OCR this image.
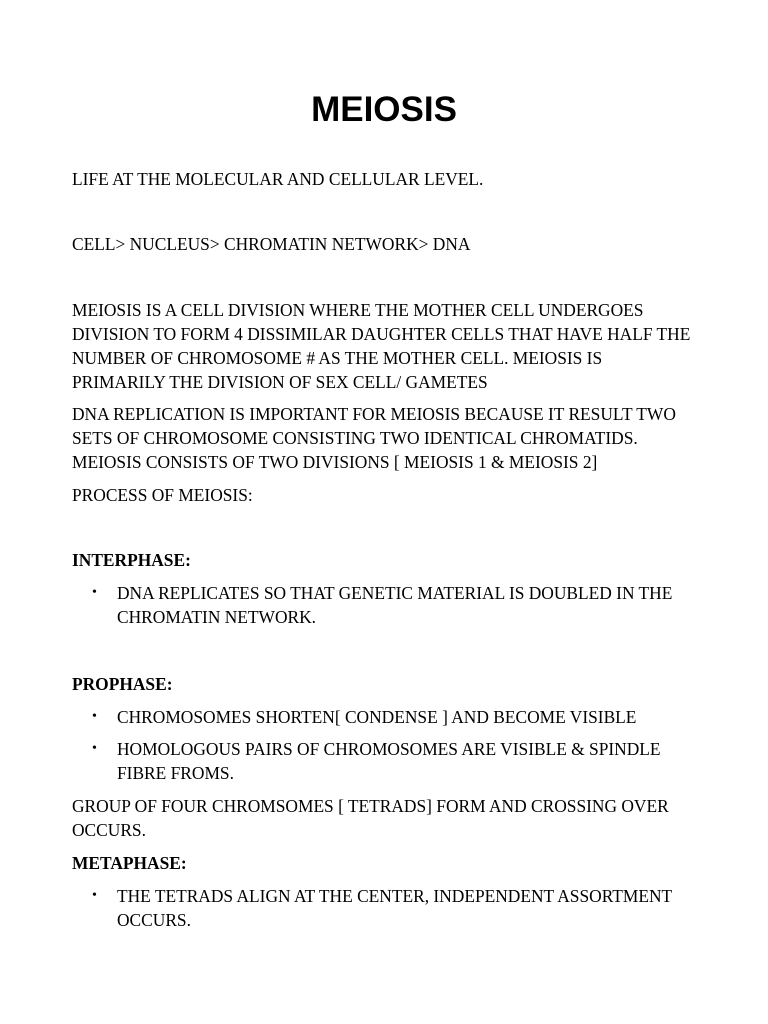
MEIOSIS

LIFE AT THE MOLECULAR AND CELLULAR LEVEL.

CELL> NUCLEUS> CHROMATIN NETWORK> DNA

MEIOSIS IS A CELL DIVISION WHERE THE MOTHER CELL UNDERGOES
DIVISION TO FORM 4 DISSIMILAR DAUGHTER CELLS THAT HAVE HALF THE
NUMBER OF CHROMOSOME # AS THE MOTHER CELL. MEIOSIS IS
PRIMARILY THE DIVISION OF SEX CELL/ GAMETES

DNA REPLICATION IS IMPORTANT FOR MEIOSIS BECAUSE IT RESULT TWO
SETS OF CHROMOSOME CONSISTING TWO IDENTICAL CHROMATIDS.
MEIOSIS CONSISTS OF TWO DIVISIONS [ MEIOSIS 1 & MEIOSIS 2]

PROCESS OF MEIOSIS:

INTERPHASE:

• DNA REPLICATES SO THAT GENETIC MATERIAL IS DOUBLED IN THE
CHROMATIN NETWORK.

PROPHASE:

• CHROMOSOMES SHORTEN[ CONDENSE ] AND BECOME VISIBLE
• HOMOLOGOUS PAIRS OF CHROMOSOMES ARE VISIBLE & SPINDLE
FIBRE FROMS.

GROUP OF FOUR CHROMSOMES [ TETRADS] FORM AND CROSSING OVER
OCCURS.

METAPHASE:

• THE TETRADS ALIGN AT THE CENTER, INDEPENDENT ASSORTMENT
OCCURS.
